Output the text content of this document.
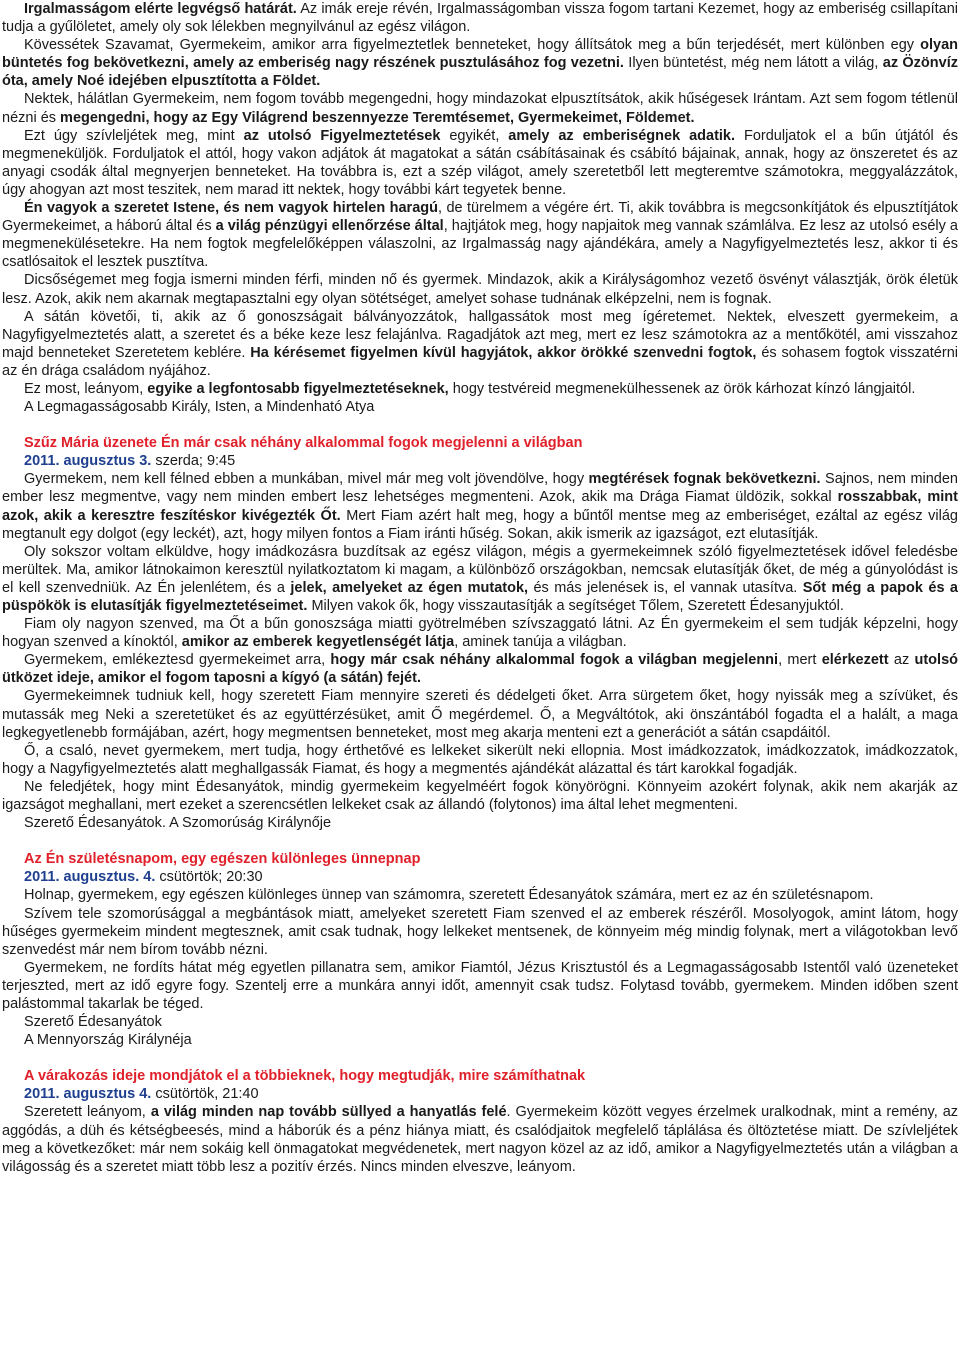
Irgalmasságom elérte legvégső határát. Az imák ereje révén, Irgalmasságomban vissza fogom tartani Kezemet, hogy az emberiség csillapítani tudja a gyűlöletet, amely oly sok lélekben megnyilvánul az egész világon.

Kövessétek Szavamat, Gyermekeim, amikor arra figyelmeztetlek benneteket, hogy állítsátok meg a bűn terjedését, mert különben egy olyan büntetés fog bekövetkezni, amely az emberiség nagy részének pusztulásához fog vezetni. Ilyen büntetést, még nem látott a világ, az Özönvíz óta, amely Noé idejében elpusztította a Földet.

Nektek, hálátlan Gyermekeim, nem fogom tovább megengedni, hogy mindazokat elpusztítsátok, akik hűségesek Irántam. Azt sem fogom tétlenül nézni és megengedni, hogy az Egy Világrend beszennyezze Teremtésemet, Gyermekeimet, Földemet.

Ezt úgy szívleljétek meg, mint az utolsó Figyelmeztetések egyikét, amely az emberiségnek adatik. Forduljatok el a bűn útjától és megmeneküljök. Forduljatok el attól, hogy vakon adjátok át magatokat a sátán csábításainak és csábító bájainak, annak, hogy az önszeretet és az anyagi csodák által megnyerjen benneteket. Ha továbbra is, ezt a szép világot, amely szeretetből lett megteremtve számotokra, meggyalázzátok, úgy ahogyan azt most teszitek, nem marad itt nektek, hogy további kárt tegyetek benne.

Én vagyok a szeretet Istene, és nem vagyok hirtelen haragú, de türelmem a végére ért. Ti, akik továbbra is megcsonkítjátok és elpusztítjátok Gyermekeimet, a háború által és a világ pénzügyi ellenőrzése által, hajtjátok meg, hogy napjaitok meg vannak számlálva. Ez lesz az utolsó esély a megmenekülésetekre. Ha nem fogtok megfelelőképpen válaszolni, az Irgalmasság nagy ajándékára, amely a Nagyfigyelmeztetés lesz, akkor ti és csatlósaitok el lesztek pusztítva.

Dicsőségemet meg fogja ismerni minden férfi, minden nő és gyermek. Mindazok, akik a Királyságomhoz vezető ösvényt választják, örök életük lesz. Azok, akik nem akarnak megtapasztalni egy olyan sötétséget, amelyet sohase tudnának elképzelni, nem is fognak.

A sátán követői, ti, akik az ő gonoszságait bálványozzátok, hallgassátok most meg ígéretemet. Nektek, elveszett gyermekeim, a Nagyfigyelmeztetés alatt, a szeretet és a béke keze lesz felajánlva. Ragadjátok azt meg, mert ez lesz számotokra az a mentőkötél, ami visszahoz majd benneteket Szeretetem keblére. Ha kérésemet figyelmen kívül hagyjátok, akkor örökké szenvedni fogtok, és sohasem fogtok visszatérni az én drága családom nyájához.

Ez most, leányom, egyike a legfontosabb figyelmeztetéseknek, hogy testvéreid megmenekülhessenek az örök kárhozat kínzó lángjaitól.

A Legmagasságosabb Király, Isten, a Mindenható Atya

Szűz Mária üzenete Én már csak néhány alkalommal fogok megjelenni a világban

2011. augusztus 3. szerda; 9:45

Gyermekem, nem kell félned ebben a munkában, mivel már meg volt jövendölve, hogy megtérések fognak bekövetkezni. Sajnos, nem minden ember lesz megmentve, vagy nem minden embert lesz lehetséges megmenteni. Azok, akik ma Drága Fiamat üldözik, sokkal rosszabbak, mint azok, akik a keresztre feszítéskor kivégezték Őt. Mert Fiam azért halt meg, hogy a bűntől mentse meg az emberiséget, ezáltal az egész világ megtanult egy dolgot (egy leckét), azt, hogy milyen fontos a Fiam iránti hűség. Sokan, akik ismerik az igazságot, ezt elutasítják.

Oly sokszor voltam elküldve, hogy imádkozásra buzdítsak az egész világon, mégis a gyermekeimnek szóló figyelmeztetések idővel feledésbe merültek. Ma, amikor látnokaimon keresztül nyilatkoztatom ki magam, a különböző országokban, nemcsak elutasítják őket, de még a gúnyolódást is el kell szenvedniük. Az Én jelenlétem, és a jelek, amelyeket az égen mutatok, és más jelenések is, el vannak utasítva. Sőt még a papok és a püspökök is elutasítják figyelmeztetéseimet. Milyen vakok ők, hogy visszautasítják a segítséget Tőlem, Szeretett Édesanyjuktól.

Fiam oly nagyon szenved, ma Őt a bűn gonoszsága miatti gyötrelmében szívszaggató látni. Az Én gyermekeim el sem tudják képzelni, hogy hogyan szenved a kínoktól, amikor az emberek kegyetlenségét látja, aminek tanúja a világban.

Gyermekem, emlékeztesd gyermekeimet arra, hogy már csak néhány alkalommal fogok a világban megjelenni, mert elérkezett az utolsó ütközet ideje, amikor el fogom taposni a kígyó (a sátán) fejét.

Gyermekeimnek tudniuk kell, hogy szeretett Fiam mennyire szereti és dédelgeti őket. Arra sürgetem őket, hogy nyissák meg a szívüket, és mutassák meg Neki a szeretetüket és az együttérzésüket, amit Ő megérdemel. Ő, a Megváltótok, aki önszántából fogadta el a halált, a maga legkegyetlenebb formájában, azért, hogy megmentsen benneteket, most meg akarja menteni ezt a generációt a sátán csapdáitól.

Ő, a csaló, nevet gyermekem, mert tudja, hogy érthetővé es lelkeket sikerült neki ellopnia. Most imádkozzatok, imádkozzatok, imádkozzatok, hogy a Nagyfigyelmeztetés alatt meghallgassák Fiamat, és hogy a megmentés ajándékát alázattal és tárt karokkal fogadják.

Ne feledjétek, hogy mint Édesanyátok, mindig gyermekeim kegyelméért fogok könyörögni. Könnyeim azokért folynak, akik nem akarják az igazságot meghallani, mert ezeket a szerencsétlen lelkeket csak az állandó (folytonos) ima által lehet megmenteni.

Szerető Édesanyátok. A Szomorúság Királynője

Az Én születésnapom, egy egészen különleges ünnepnap

2011. augusztus. 4. csütörtök; 20:30

Holnap, gyermekem, egy egészen különleges ünnep van számomra, szeretett Édesanyátok számára, mert ez az én születésnapom.

Szívem tele szomorúsággal a megbántások miatt, amelyeket szeretett Fiam szenved el az emberek részéről. Mosolyogok, amint látom, hogy hűséges gyermekeim mindent megtesznek, amit csak tudnak, hogy lelkeket mentsenek, de könnyeim még mindig folynak, mert a világotokban levő szenvedést már nem bírom tovább nézni.

Gyermekem, ne fordíts hátat még egyetlen pillanatra sem, amikor Fiamtól, Jézus Krisztustól és a Legmagasságosabb Istentől való üzeneteket terjeszted, mert az idő egyre fogy. Szentelj erre a munkára annyi időt, amennyit csak tudsz. Folytasd tovább, gyermekem. Minden időben szent palástommal takarlak be téged.

Szerető Édesanyátok

A Mennyország Királynéja

A várakozás ideje mondjátok el a többieknek, hogy megtudják, mire számíthatnak

2011. augusztus 4. csütörtök, 21:40

Szeretett leányom, a világ minden nap tovább süllyed a hanyatlás felé. Gyermekeim között vegyes érzelmek uralkodnak, mint a remény, az aggódás, a düh és kétségbeesés, mind a háborúk és a pénz hiánya miatt, és csalódjaitok megfelelő táplálása és öltöztetése miatt. De szívleljétek meg a következőket: már nem sokáig kell önmagatokat megvédenetek, mert nagyon közel az az idő, amikor a Nagyfigyelmeztetés után a világban a világosság és a szeretet miatt több lesz a pozitív érzés. Nincs minden elveszve, leányom.
